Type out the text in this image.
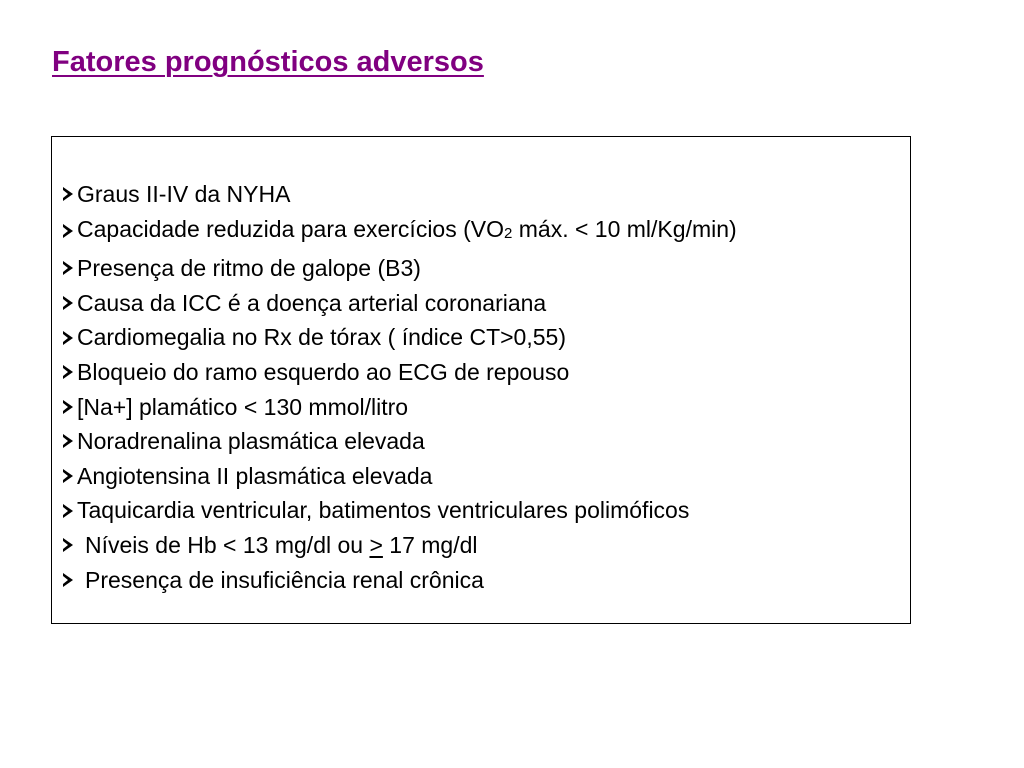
Fatores prognósticos adversos
Graus II-IV da NYHA
Capacidade reduzida para exercícios (VO2 máx. < 10 ml/Kg/min)
Presença de ritmo de galope (B3)
Causa da ICC é a doença arterial coronariana
Cardiomegalia no Rx de tórax ( índice CT>0,55)
Bloqueio do ramo esquerdo ao ECG de repouso
[Na+] plamático < 130 mmol/litro
Noradrenalina plasmática elevada
Angiotensina II plasmática elevada
Taquicardia ventricular, batimentos ventriculares polimóficos
Níveis de Hb < 13 mg/dl ou > 17 mg/dl
Presença de insuficiência renal crônica
